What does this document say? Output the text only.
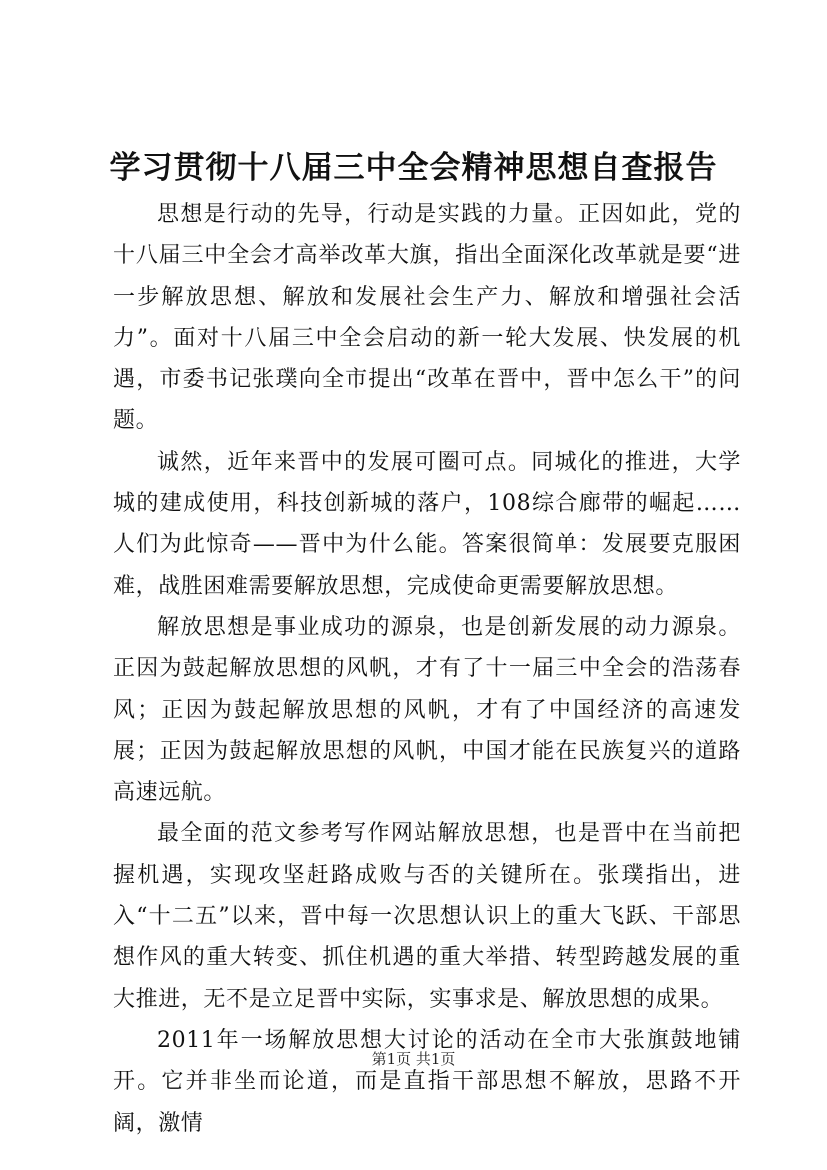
学习贯彻十八届三中全会精神思想自查报告

思想是行动的先导，行动是实践的力量。正因如此，党的十八届三中全会才高举改革大旗，指出全面深化改革就是要“进一步解放思想、解放和发展社会生产力、解放和增强社会活力”。面对十八届三中全会启动的新一轮大发展、快发展的机遇，市委书记张璞向全市提出“改革在晋中，晋中怎么干”的问题。

诚然，近年来晋中的发展可圈可点。同城化的推进，大学城的建成使用，科技创新城的落户，108综合廊带的崛起……人们为此惊奇——晋中为什么能。答案很简单：发展要克服困难，战胜困难需要解放思想，完成使命更需要解放思想。

解放思想是事业成功的源泉，也是创新发展的动力源泉。正因为鼓起解放思想的风帆，才有了十一届三中全会的浩荡春风；正因为鼓起解放思想的风帆，才有了中国经济的高速发展；正因为鼓起解放思想的风帆，中国才能在民族复兴的道路高速远航。

最全面的范文参考写作网站解放思想，也是晋中在当前把握机遇，实现攻坚赶路成败与否的关键所在。张璞指出，进入“十二五”以来，晋中每一次思想认识上的重大飞跃、干部思想作风的重大转变、抓住机遇的重大举措、转型跨越发展的重大推进，无不是立足晋中实际，实事求是、解放思想的成果。

2011年一场解放思想大讨论的活动在全市大张旗鼓地铺开。它并非坐而论道，而是直指干部思想不解放，思路不开阔，激情

第1页 共1页
